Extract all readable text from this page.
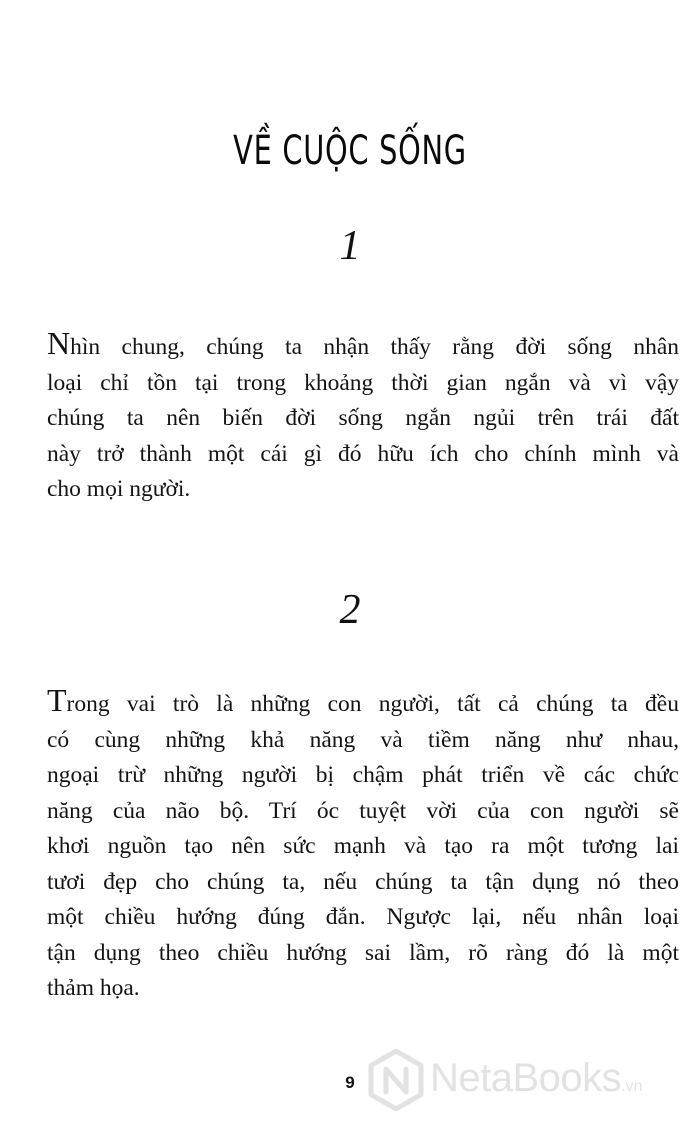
VỀ CUỘC SỐNG
1

Nhìn chung, chúng ta nhận thấy rằng đời sống nhân
loại chỉ tồn tại trong khoảng thời gian ngắn và vì vậy
chúng ta nên biến đời sống ngắn ngủi trên trái đất
này trở thành một cái gì đó hữu ích cho chính mình và
cho mọi người.

2

Trong vai trò là những con người, tất cả chúng ta đều
có cùng những khả năng và tiềm năng như nhau,
ngoại trừ những người bị chậm phát triển về các chức
năng của não bộ. Trí óc tuyệt vời của con người sẽ
khơi nguồn tạo nên sức mạnh và tạo ra một tương lai
tươi đẹp cho chúng ta, nếu chúng ta tận dụng nó theo
một chiều hướng đúng đắn. Ngược lại, nếu nhân loại
tận dụng theo chiều hướng sai lầm, rõ ràng đó là một
thảm họa.

9	NetaBooks.vn
